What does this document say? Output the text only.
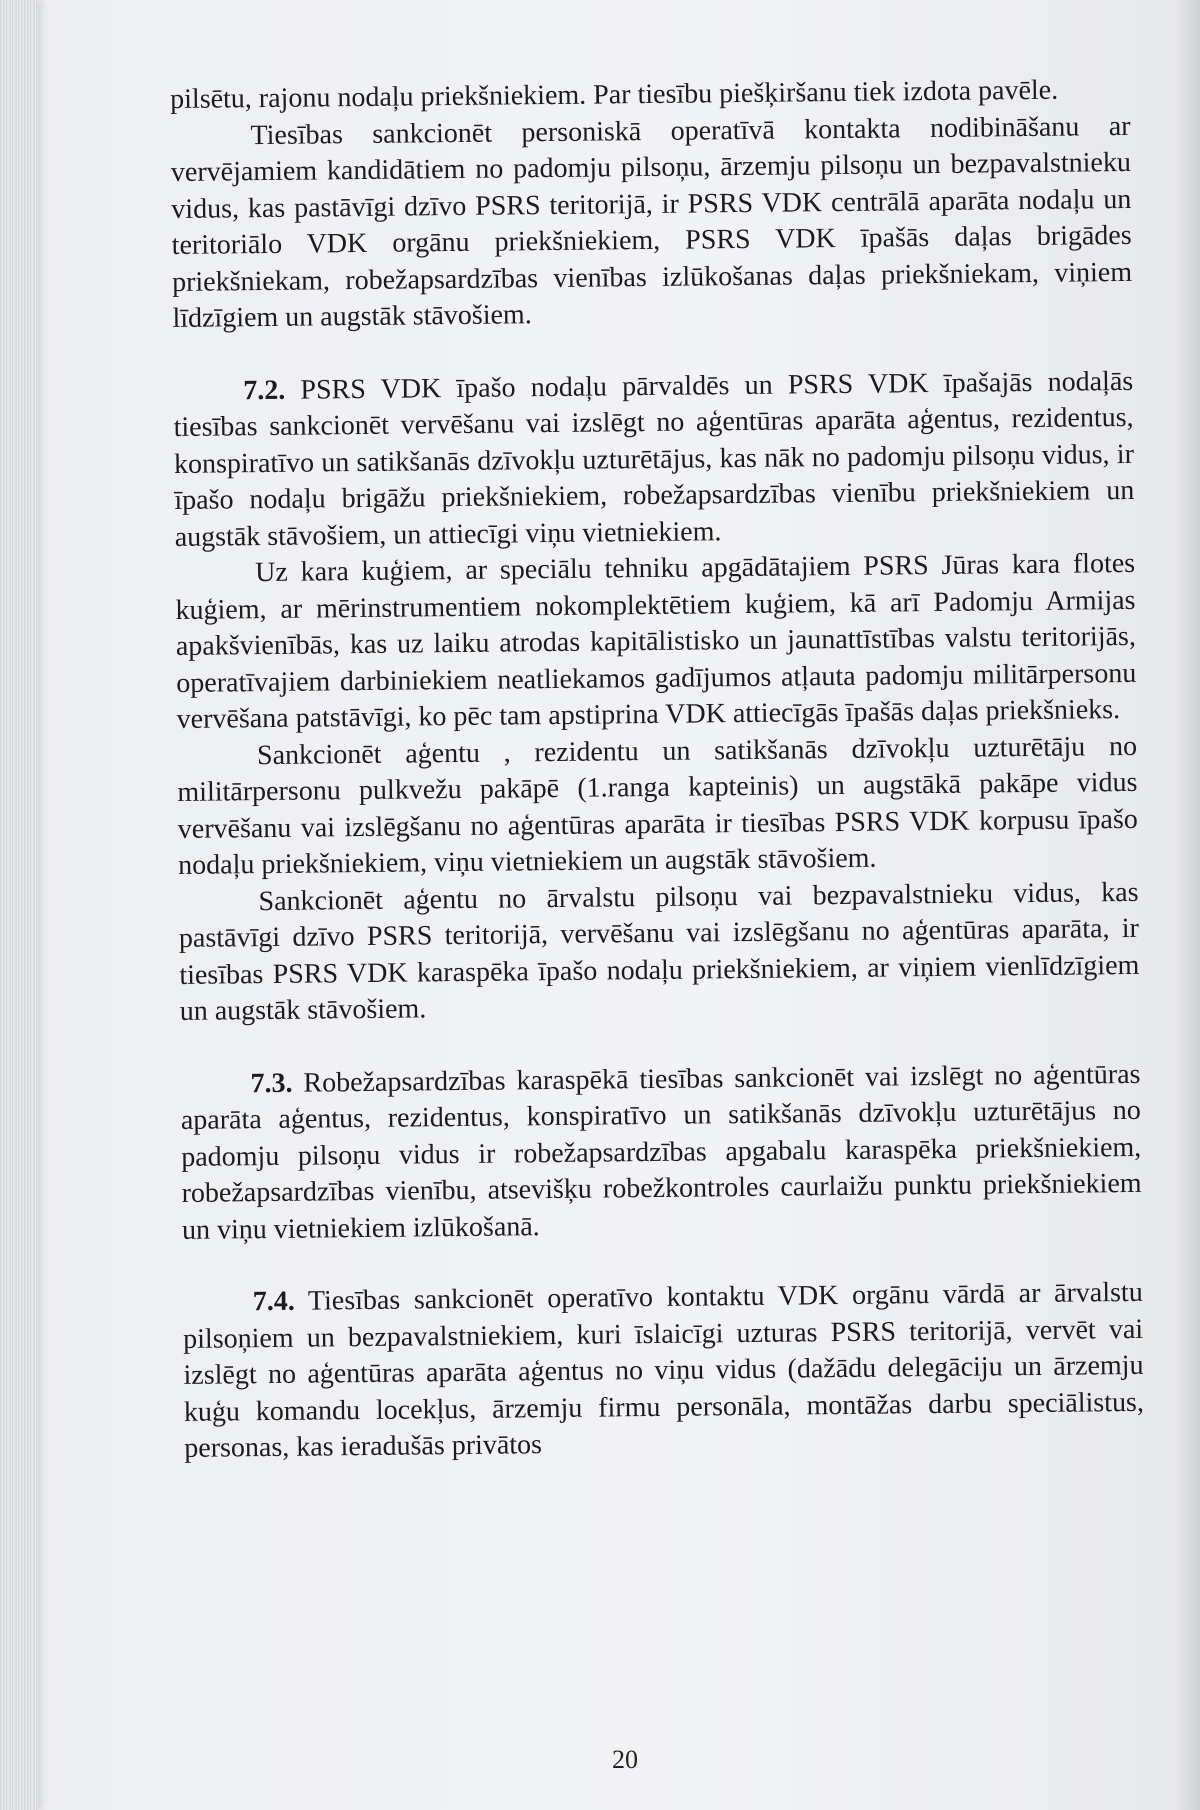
pilsētu, rajonu nodaļu priekšniekiem. Par tiesību piešķiršanu tiek izdota pavēle.

Tiesības sankcionēt personiskā operatīvā kontakta nodibināšanu ar vervējamiem kandidātiem no padomju pilsoņu, ārzemju pilsoņu un bezpavalstnieku vidus, kas pastāvīgi dzīvo PSRS teritorijā, ir PSRS VDK centrālā aparāta nodaļu un teritoriālo VDK orgānu priekšniekiem, PSRS VDK īpašās daļas brigādes priekšniekam, robežapsardzības vienības izlūkošanas daļas priekšniekam, viņiem līdzīgiem un augstāk stāvošiem.

7.2. PSRS VDK īpašo nodaļu pārvaldēs un PSRS VDK īpašajās nodaļās tiesības sankcionēt vervēšanu vai izslēgt no aģentūras aparāta aģentus, rezidentus, konspiratīvo un satikšanās dzīvokļu uzturētājus, kas nāk no padomju pilsoņu vidus, ir īpašo nodaļu brigāžu priekšniekiem, robežapsardzības vienību priekšniekiem un augstāk stāvošiem, un attiecīgi viņu vietniekiem.

Uz kara kuģiem, ar speciālu tehniku apgādātajiem PSRS Jūras kara flotes kuģiem, ar mērinstrumentiem nokomplektētiem kuģiem, kā arī Padomju Armijas apakšvienībās, kas uz laiku atrodas kapitālistisko un jaunattīstības valstu teritorijās, operatīvajiem darbiniekiem neatliekamos gadījumos atļauta padomju militārpersonu vervēšana patstāvīgi, ko pēc tam apstiprina VDK attiecīgās īpašās daļas priekšnieks.

Sankcionēt aģentu , rezidentu un satikšanās dzīvokļu uzturētāju no militārpersonu pulkvežu pakāpē (1.ranga kapteinis) un augstākā pakāpe vidus vervēšanu vai izslēgšanu no aģentūras aparāta ir tiesības PSRS VDK korpusu īpašo nodaļu priekšniekiem, viņu vietniekiem un augstāk stāvošiem.

Sankcionēt aģentu no ārvalstu pilsoņu vai bezpavalstnieku vidus, kas pastāvīgi dzīvo PSRS teritorijā, vervēšanu vai izslēgšanu no aģentūras aparāta, ir tiesības PSRS VDK karaspēka īpašo nodaļu priekšniekiem, ar viņiem vienlīdzīgiem un augstāk stāvošiem.

7.3. Robežapsardzības karaspēkā tiesības sankcionēt vai izslēgt no aģentūras aparāta aģentus, rezidentus, konspiratīvo un satikšanās dzīvokļu uzturētājus no padomju pilsoņu vidus ir robežapsardzības apgabalu karaspēka priekšniekiem, robežapsardzības vienību, atsevišķu robežkontroles caurlaižu punktu priekšniekiem un viņu vietniekiem izlūkošanā.

7.4. Tiesības sankcionēt operatīvo kontaktu VDK orgānu vārdā ar ārvalstu pilsoņiem un bezpavalstniekiem, kuri īslaicīgi uzturas PSRS teritorijā, vervēt vai izslēgt no aģentūras aparāta aģentus no viņu vidus (dažādu delegāciju un ārzemju kuģu komandu locekļus, ārzemju firmu personāla, montāžas darbu speciālistus, personas, kas ieradušās privātos

20
